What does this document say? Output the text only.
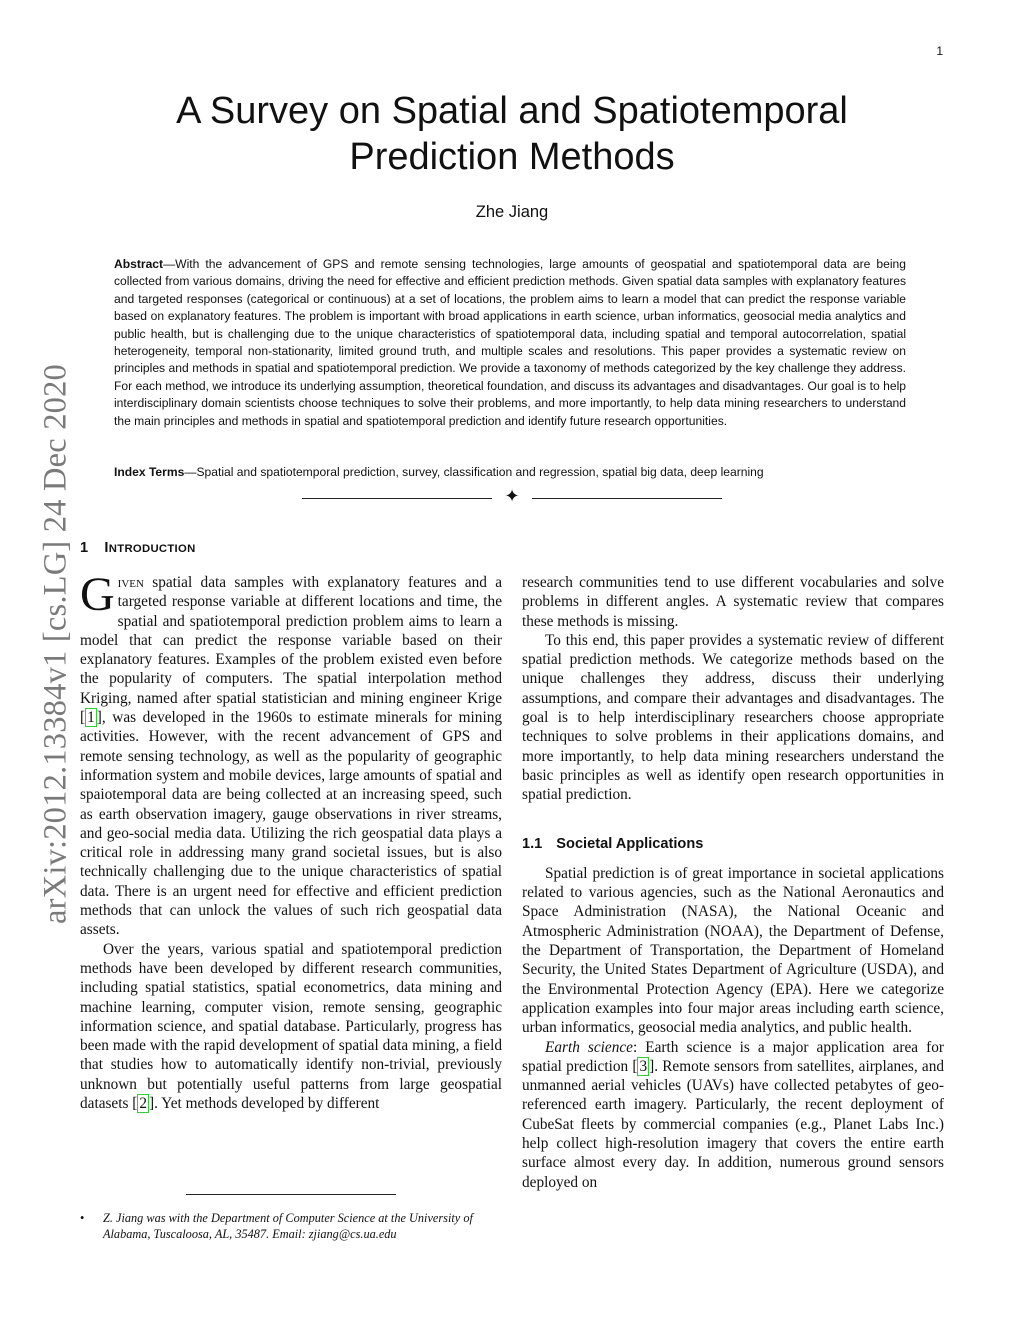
1
arXiv:2012.13384v1 [cs.LG] 24 Dec 2020
A Survey on Spatial and Spatiotemporal
Prediction Methods
Zhe Jiang

Abstract—With the advancement of GPS and remote sensing technologies, large amounts of geospatial and spatiotemporal data are being collected from various domains, driving the need for effective and efficient prediction methods. Given spatial data samples with explanatory features and targeted responses (categorical or continuous) at a set of locations, the problem aims to learn a model that can predict the response variable based on explanatory features. The problem is important with broad applications in earth science, urban informatics, geosocial media analytics and public health, but is challenging due to the unique characteristics of spatiotemporal data, including spatial and temporal autocorrelation, spatial heterogeneity, temporal non-stationarity, limited ground truth, and multiple scales and resolutions. This paper provides a systematic review on principles and methods in spatial and spatiotemporal prediction. We provide a taxonomy of methods categorized by the key challenge they address. For each method, we introduce its underlying assumption, theoretical foundation, and discuss its advantages and disadvantages. Our goal is to help interdisciplinary domain scientists choose techniques to solve their problems, and more importantly, to help data mining researchers to understand the main principles and methods in spatial and spatiotemporal prediction and identify future research opportunities.

Index Terms—Spatial and spatiotemporal prediction, survey, classification and regression, spatial big data, deep learning

✦
1 INTRODUCTION

Given spatial data samples with explanatory features and a targeted response variable at different locations and time, the spatial and spatiotemporal prediction problem aims to learn a model that can predict the response variable based on their explanatory features. Examples of the problem existed even before the popularity of computers. The spatial interpolation method Kriging, named after spatial statistician and mining engineer Krige [ 1 ], was developed in the 1960s to estimate minerals for mining activities. However, with the recent advancement of GPS and remote sensing technology, as well as the popularity of geographic information system and mobile devices, large amounts of spatial and spaiotemporal data are being collected at an increasing speed, such as earth observation imagery, gauge observations in river streams, and geo-social media data. Utilizing the rich geospatial data plays a critical role in addressing many grand societal issues, but is also technically challenging due to the unique characteristics of spatial data. There is an urgent need for effective and efficient prediction methods that can unlock the values of such rich geospatial data assets.

Over the years, various spatial and spatiotemporal prediction methods have been developed by different research communities, including spatial statistics, spatial econometrics, data mining and machine learning, computer vision, remote sensing, geographic information science, and spatial database. Particularly, progress has been made with the rapid development of spatial data mining, a field that studies how to automatically identify non-trivial, previously unknown but potentially useful patterns from large geospatial datasets [ 2 ]. Yet methods developed by different

research communities tend to use different vocabularies and solve problems in different angles. A systematic review that compares these methods is missing.

To this end, this paper provides a systematic review of different spatial prediction methods. We categorize methods based on the unique challenges they address, discuss their underlying assumptions, and compare their advantages and disadvantages. The goal is to help interdisciplinary researchers choose appropriate techniques to solve problems in their applications domains, and more importantly, to help data mining researchers understand the basic principles as well as identify open research opportunities in spatial prediction.

1.1 Societal Applications

Spatial prediction is of great importance in societal applications related to various agencies, such as the National Aeronautics and Space Administration (NASA), the National Oceanic and Atmospheric Administration (NOAA), the Department of Defense, the Department of Transportation, the Department of Homeland Security, the United States Department of Agriculture (USDA), and the Environmental Protection Agency (EPA). Here we categorize application examples into four major areas including earth science, urban informatics, geosocial media analytics, and public health.

Earth science: Earth science is a major application area for spatial prediction [ 3 ]. Remote sensors from satellites, airplanes, and unmanned aerial vehicles (UAVs) have collected petabytes of geo-referenced earth imagery. Particularly, the recent deployment of CubeSat fleets by commercial companies (e.g., Planet Labs Inc.) help collect high-resolution imagery that covers the entire earth surface almost every day. In addition, numerous ground sensors deployed on

• Z. Jiang was with the Department of Computer Science at the University of Alabama, Tuscaloosa, AL, 35487. Email: zjiang@cs.ua.edu
